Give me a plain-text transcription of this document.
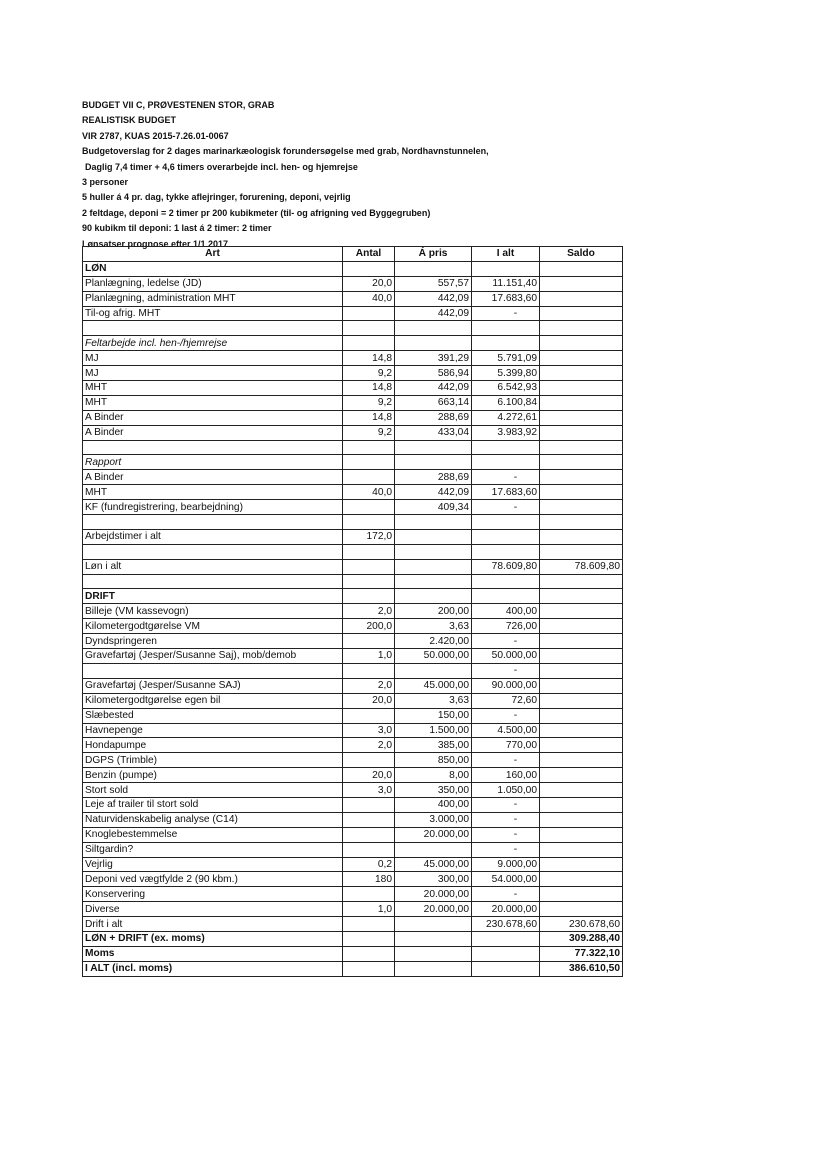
BUDGET VII C, PRØVESTENEN STOR, GRAB
REALISTISK BUDGET
VIR 2787, KUAS 2015-7.26.01-0067
Budgetoverslag for 2 dages marinarkæologisk forundersøgelse med grab, Nordhavnstunnelen,
Daglig 7,4 timer + 4,6 timers overarbejde incl. hen- og hjemrejse
3 personer
5 huller á 4 pr. dag, tykke aflejringer, forurening, deponi, vejrlig
2 feltdage, deponi = 2 timer pr 200 kubikmeter (til- og afrigning ved Byggegruben)
90 kubikm til deponi: 1 last á 2 timer: 2 timer
Lønsatser prognose efter 1/1 2017
Art	Antal	Á pris	I alt	Saldo
LØN				
Planlægning, ledelse (JD)	20,0	557,57	11.151,40	
Planlægning, administration MHT	40,0	442,09	17.683,60	
Til-og afrig. MHT		442,09	-	

Feltarbejde incl. hen-/hjemrejse				
MJ	14,8	391,29	5.791,09	
MJ	9,2	586,94	5.399,80	
MHT	14,8	442,09	6.542,93	
MHT	9,2	663,14	6.100,84	
A Binder	14,8	288,69	4.272,61	
A Binder	9,2	433,04	3.983,92	

Rapport				
A Binder		288,69	-	
MHT	40,0	442,09	17.683,60	
KF (fundregistrering, bearbejdning)		409,34	-	

Arbejdstimer i alt	172,0			

Løn i alt			78.609,80	78.609,80

DRIFT				
Billeje (VM kassevogn)	2,0	200,00	400,00	
Kilometergodtgørelse VM	200,0	3,63	726,00	
Dyndspringeren		2.420,00	-	
Gravefartøj (Jesper/Susanne Saj), mob/demob	1,0	50.000,00	50.000,00	
			-	
Gravefartøj (Jesper/Susanne SAJ)	2,0	45.000,00	90.000,00	
Kilometergodtgørelse egen bil	20,0	3,63	72,60	
Slæbested		150,00	-	
Havnepenge	3,0	1.500,00	4.500,00	
Hondapumpe	2,0	385,00	770,00	
DGPS (Trimble)		850,00	-	
Benzin (pumpe)	20,0	8,00	160,00	
Stort sold	3,0	350,00	1.050,00	
Leje af trailer til stort sold		400,00	-	
Naturvidenskabelig analyse (C14)		3.000,00	-	
Knoglebestemmelse		20.000,00	-	
Siltgardin?			-	
Vejrlig	0,2	45.000,00	9.000,00	
Deponi ved vægtfylde 2 (90 kbm.)	180	300,00	54.000,00	
Konservering		20.000,00	-	
Diverse	1,0	20.000,00	20.000,00	
Drift i alt			230.678,60	230.678,60
LØN + DRIFT (ex. moms)				309.288,40
Moms				77.322,10
I ALT (incl. moms)				386.610,50
